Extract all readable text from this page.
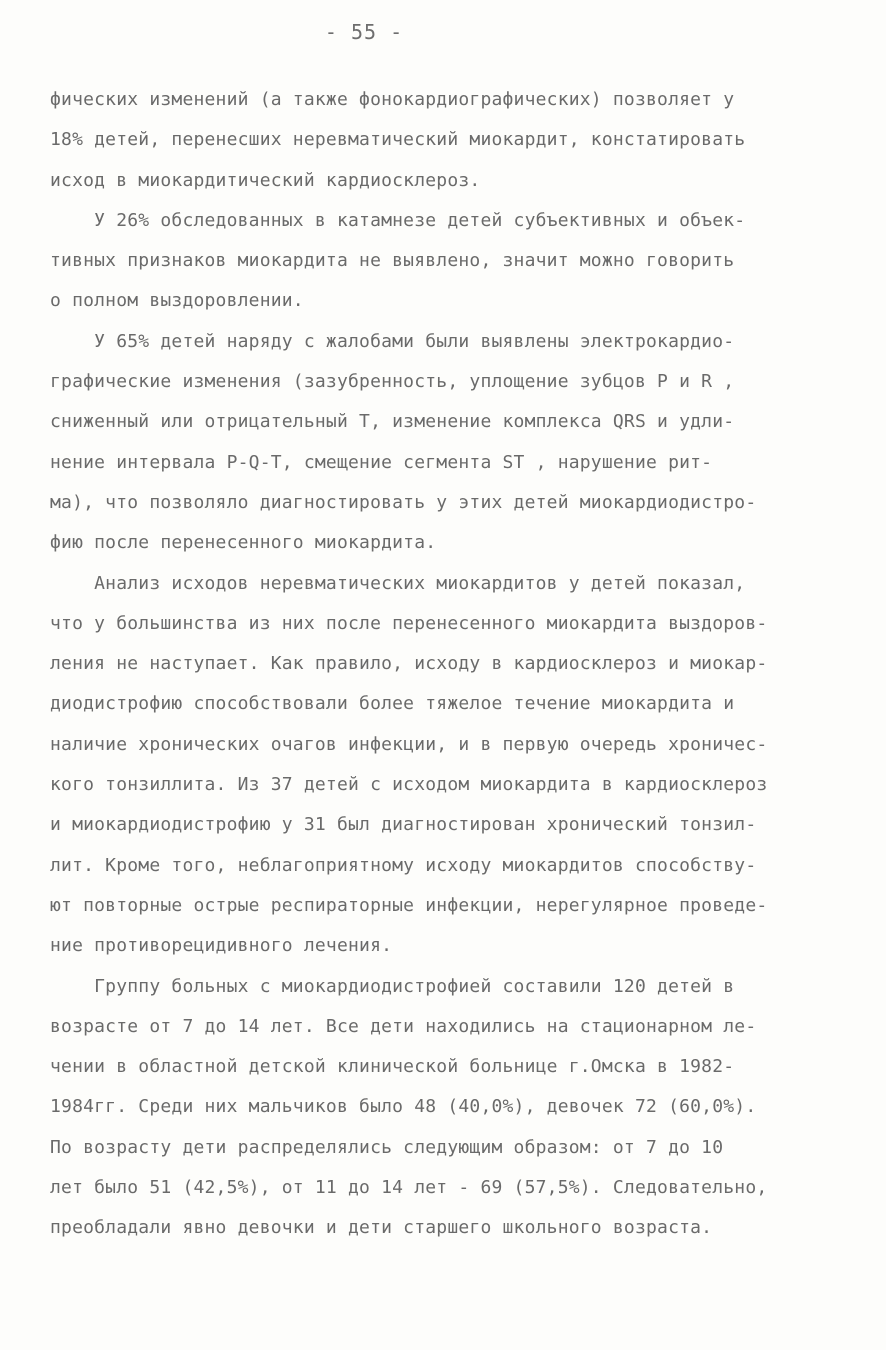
- 55 -
фических изменений (а также фонокардиографических) позволяет у
18% детей, перенесших неревматический миокардит, констатировать
исход в миокардитический кардиосклероз.
У 26% обследованных в катамнезе детей субъективных и объек-
тивных признаков миокардита не выявлено, значит можно говорить
о полном выздоровлении.
У 65% детей наряду с жалобами были выявлены электрокардио-
графические изменения (зазубренность, уплощение зубцов P и R ,
сниженный или отрицательный Т, изменение комплекса QRS и удли-
нение интервала P-Q-T, смещение сегмента ST , нарушение рит-
ма), что позволяло диагностировать у этих детей миокардиодистро-
фию после перенесенного миокардита.
Анализ исходов неревматических миокардитов у детей показал,
что у большинства из них после перенесенного миокардита выздоров-
ления не наступает. Как правило, исходу в кардиосклероз и миокар-
диодистрофию способствовали более тяжелое течение миокардита и
наличие хронических очагов инфекции, и в первую очередь хроничес-
кого тонзиллита. Из 37 детей с исходом миокардита в кардиосклероз
и миокардиодистрофию у 31 был диагностирован хронический тонзил-
лит. Кроме того, неблагоприятному исходу миокардитов способству-
ют повторные острые респираторные инфекции, нерегулярное проведе-
ние противорецидивного лечения.
Группу больных с миокардиодистрофией составили 120 детей в
возрасте от 7 до 14 лет. Все дети находились на стационарном ле-
чении в областной детской клинической больнице г.Омска в 1982-
1984гг. Среди них мальчиков было 48 (40,0%), девочек 72 (60,0%).
По возрасту дети распределялись следующим образом: от 7 до 10
лет было 51 (42,5%), от 11 до 14 лет - 69 (57,5%). Следовательно,
преобладали явно девочки и дети старшего школьного возраста.
